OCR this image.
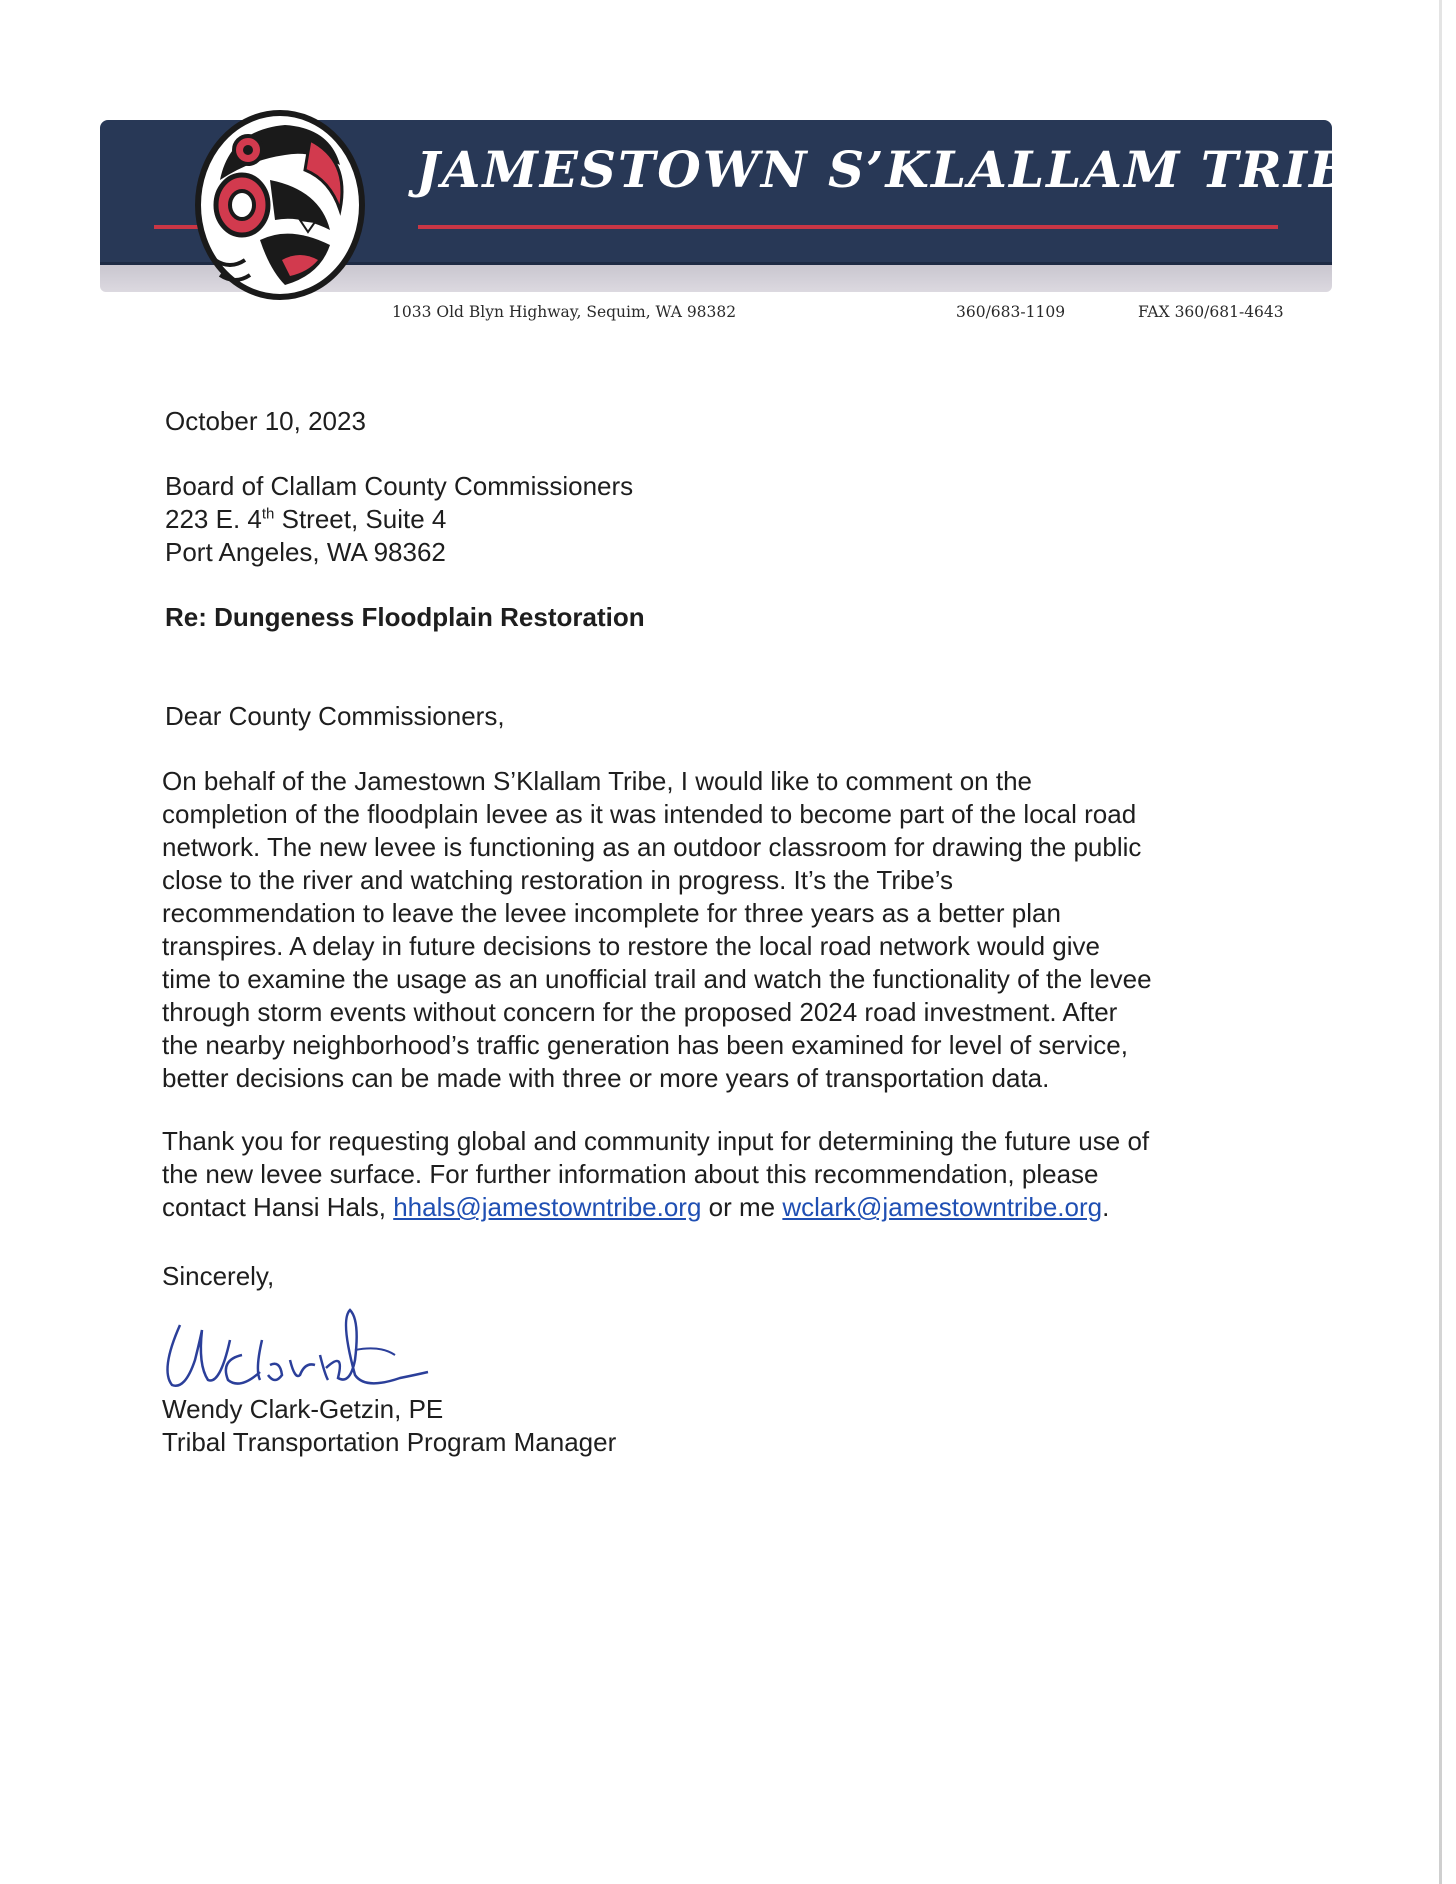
JAMESTOWN S’KLALLAM TRIBE
1033 Old Blyn Highway, Sequim, WA 98382	360/683-1109	FAX 360/681-4643
October 10, 2023
Board of Clallam County Commissioners
223 E. 4th Street, Suite 4
Port Angeles, WA 98362
Re: Dungeness Floodplain Restoration
Dear County Commissioners,
On behalf of the Jamestown S’Klallam Tribe, I would like to comment on the
completion of the floodplain levee as it was intended to become part of the local road
network. The new levee is functioning as an outdoor classroom for drawing the public
close to the river and watching restoration in progress. It’s the Tribe’s
recommendation to leave the levee incomplete for three years as a better plan
transpires. A delay in future decisions to restore the local road network would give
time to examine the usage as an unofficial trail and watch the functionality of the levee
through storm events without concern for the proposed 2024 road investment. After
the nearby neighborhood’s traffic generation has been examined for level of service,
better decisions can be made with three or more years of transportation data.
Thank you for requesting global and community input for determining the future use of
the new levee surface. For further information about this recommendation, please
contact Hansi Hals, hhals@jamestowntribe.org or me wclark@jamestowntribe.org.
Sincerely,
Wendy Clark-Getzin, PE
Tribal Transportation Program Manager
